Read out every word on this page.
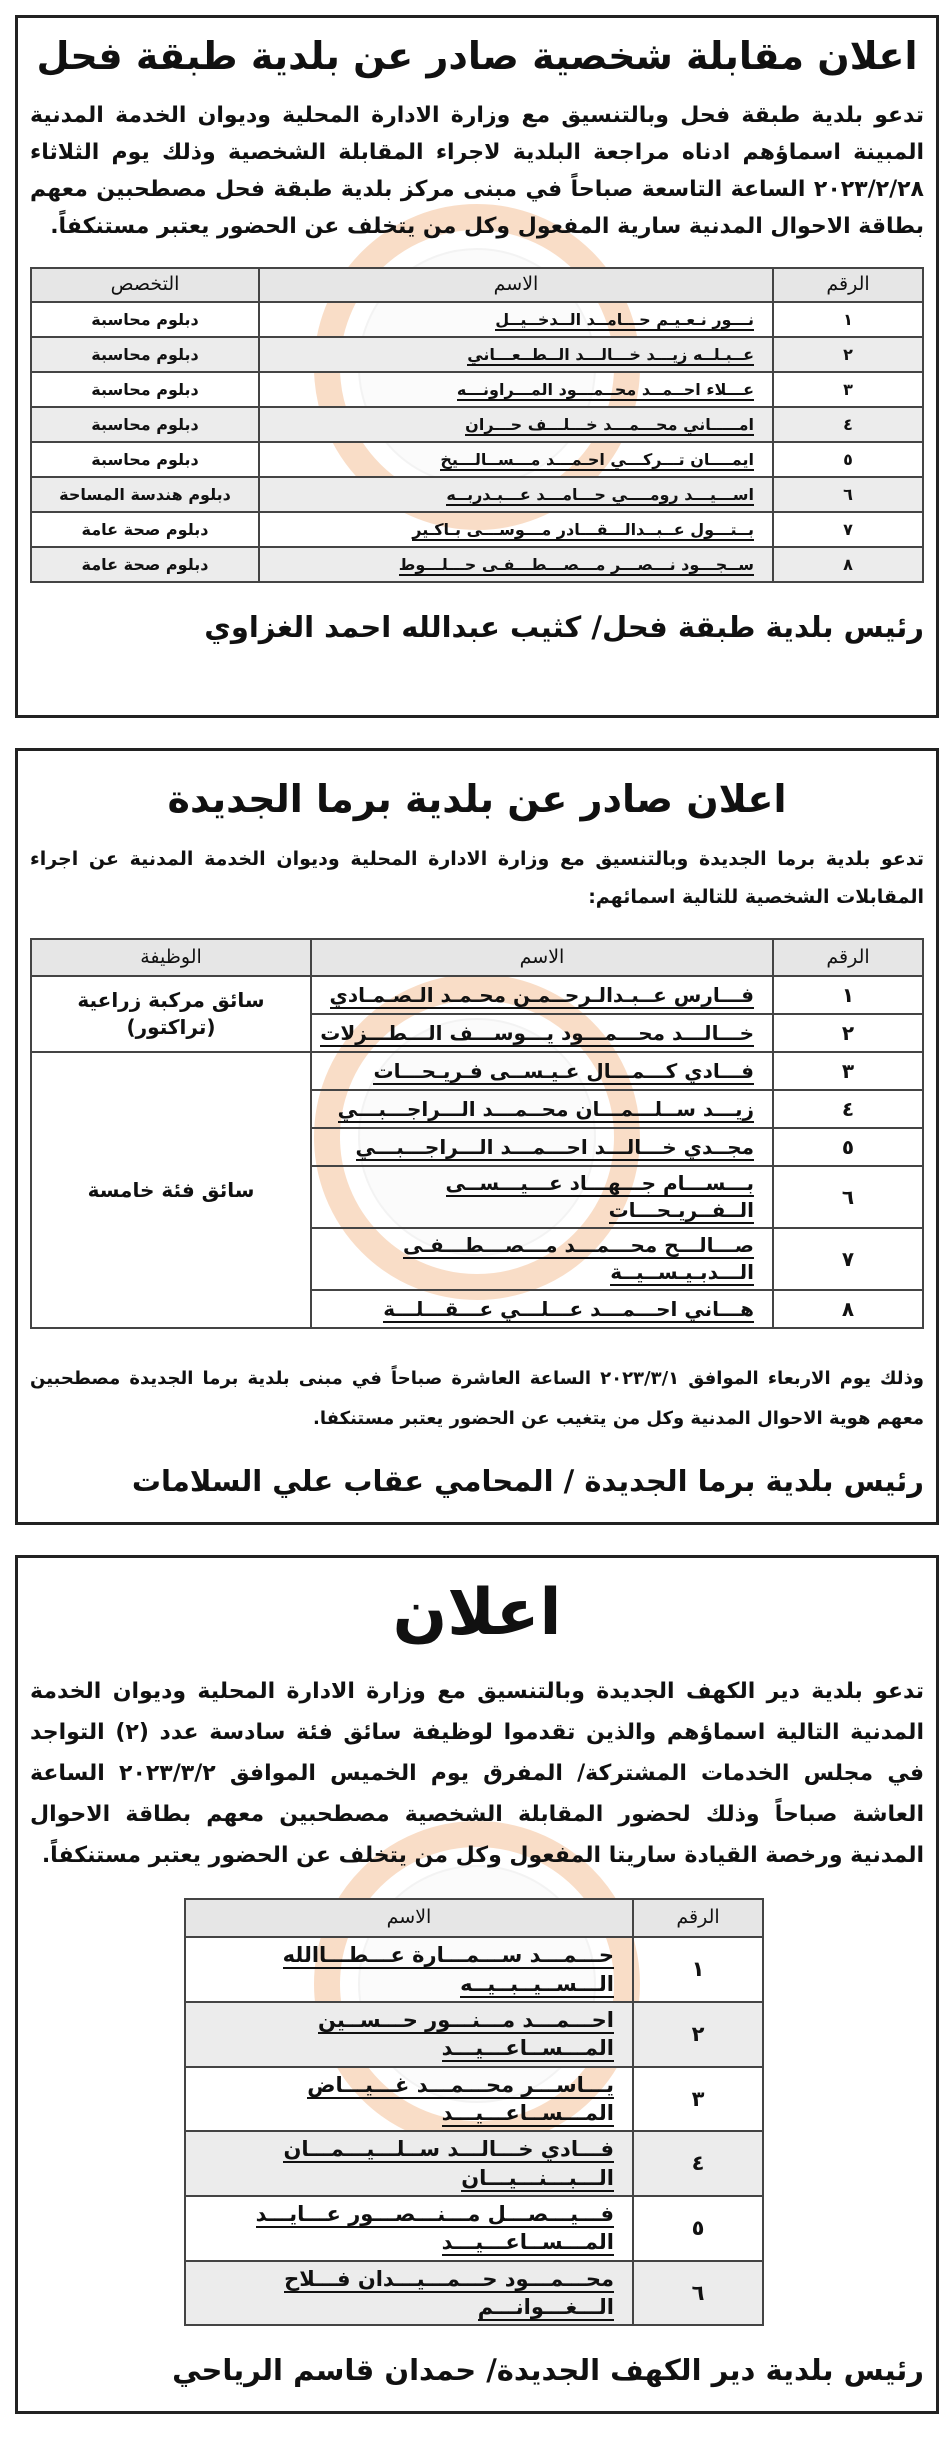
اعلان مقابلة شخصية صادر عن بلدية طبقة فحل
تدعو بلدية طبقة فحل وبالتنسيق مع وزارة الادارة المحلية وديوان الخدمة المدنية المبينة اسماؤهم ادناه مراجعة البلدية لاجراء المقابلة الشخصية وذلك يوم الثلاثاء ٢٠٢٣/٢/٢٨ الساعة التاسعة صباحاً في مبنى مركز بلدية طبقة فحل مصطحبين معهم بطاقة الاحوال المدنية سارية المفعول وكل من يتخلف عن الحضور يعتبر مستنكفاً.
الرقم	الاسم	التخصص
١	نـــور نـعـيـم حـــامــد الــدخــيــل	دبلوم محاسبة
٢	عــبـلــه زيـــد خـــالـــد الــطــعـــاني	دبلوم محاسبة
٣	عـــلاء احــمــد محــمـــود المـــراونـــه	دبلوم محاسبة
٤	امـــــاني محـــمـــد خـــلـــف حـــران	دبلوم محاسبة
٥	ايمــــان تـــركـــي احـمـــد مـــســالـــيخ	دبلوم محاسبة
٦	اســـيـــد رومــــي حـــامـــد عـــبـدربــه	دبلوم هندسة المساحة
٧	بــتـــول عــبــدالـــقـــادر مـــوســـى بـاكـير	دبلوم صحة عامة
٨	ســجـــود نـــصـــر مـــصـــطـــفـى حـــلـــوط	دبلوم صحة عامة
رئيس بلدية طبقة فحل/ كثيب عبدالله احمد الغزاوي
اعلان صادر عن بلدية برما الجديدة
تدعو بلدية برما الجديدة وبالتنسيق مع وزارة الادارة المحلية وديوان الخدمة المدنية عن اجراء المقابلات الشخصية للتالية اسمائهم:
الرقم	الاسم	الوظيفة
١	فـــارس عــبـدالـرحــمـن محـمـد الـصـمـادي	سائق مركبة زراعية (تراكتور)
٢	خـــالـــد محـــمـــود يـــوســـف الـــطـــزلات	
٣	فـــادي كـــمـــال عـيـســى فـريـحـــات	سائق فئة خامسة
٤	زيـــد ســلـــمـــان محــمـــد الـــراجـــبـــي	
٥	مجــدي خـــالـــد احـــمـــد الـــراجـــبـــي	
٦	بـــســـام جـــهـــاد عـــيـــســى الــفــريـحـــات	
٧	صـــالـــح محـــمـــد مـــصـــطـــفـى الـــدبـيـســيــة	
٨	هـــاني احـــمـــد عـــلـــي عـــقـــلـــة	
وذلك يوم الاربعاء الموافق ٢٠٢٣/٣/١ الساعة العاشرة صباحاً في مبنى بلدية برما الجديدة مصطحبين معهم هوية الاحوال المدنية وكل من يتغيب عن الحضور يعتبر مستنكفا.
رئيس بلدية برما الجديدة / المحامي عقاب علي السلامات
اعلان
تدعو بلدية دير الكهف الجديدة وبالتنسيق مع وزارة الادارة المحلية وديوان الخدمة المدنية التالية اسماؤهم والذين تقدموا لوظيفة سائق فئة سادسة عدد (٢) التواجد في مجلس الخدمات المشتركة/ المفرق يوم الخميس الموافق ٢٠٢٣/٣/٢ الساعة العاشة صباحاً وذلك لحضور المقابلة الشخصية مصطحبين معهم بطاقة الاحوال المدنية ورخصة القيادة ساريتا المفعول وكل من يتخلف عن الحضور يعتبر مستنكفاً.
الرقم	الاسم
١	حـــمـــد ســـمـــارة عـــطـــاالله الـــســيــبــيــه
٢	احـــمـــد مـــنـــور حـــســين المـــســاعـــيـــد
٣	يـــاســـر محـــمـــد غـــيـــاض المـــســاعـــيـــد
٤	فـــادي خـــالـــد ســلـــيـــمـــان الـــبـــنـــيـــان
٥	فـــيـــصـــل مـــنـــصـــور عـــايـــد المـــســاعـــيـــد
٦	محـــمـــود حـــمـــيـــدان فـــلاح الـــغـــوانـــم
رئيس بلدية دير الكهف الجديدة/ حمدان قاسم الرياحي
